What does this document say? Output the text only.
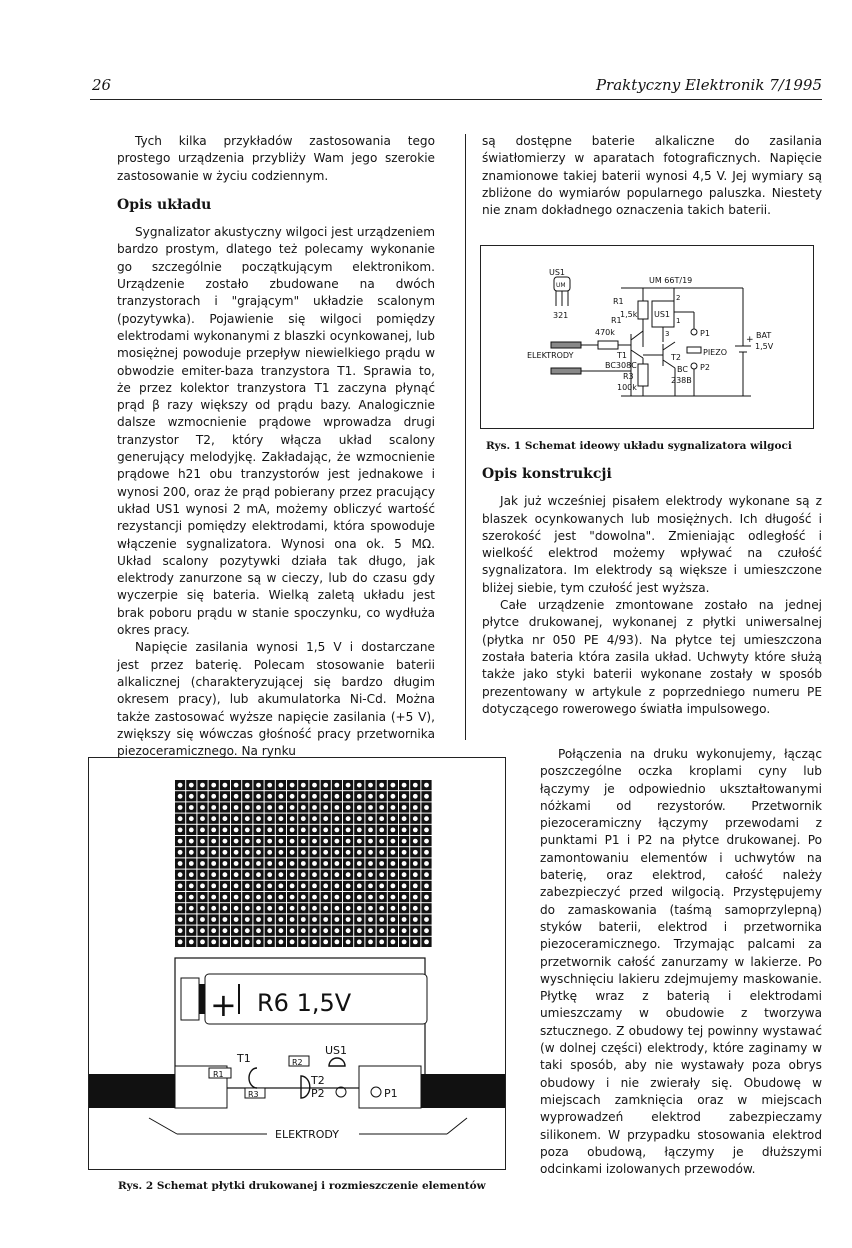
26	Praktyczny Elektronik 7/1995

Tych kilka przykładów zastosowania tego prostego urządzenia przybliży Wam jego szerokie zastosowanie w życiu codziennym.

Opis układu

Sygnalizator akustyczny wilgoci jest urządzeniem bardzo prostym, dlatego też polecamy wykonanie go szczególnie początkującym elektronikom. Urządzenie zostało zbudowane na dwóch tranzystorach i "grającym" układzie scalonym (pozytywka). Pojawienie się wilgoci pomiędzy elektrodami wykonanymi z blaszki ocynkowanej, lub mosiężnej powoduje przepływ niewielkiego prądu w obwodzie emiter-baza tranzystora T1. Sprawia to, że przez kolektor tranzystora T1 zaczyna płynąć prąd β razy większy od prądu bazy. Analogicznie dalsze wzmocnienie prądowe wprowadza drugi tranzystor T2, który włącza układ scalony generujący melodyjkę. Zakładając, że wzmocnienie prądowe h21 obu tranzystorów jest jednakowe i wynosi 200, oraz że prąd pobierany przez pracujący układ US1 wynosi 2 mA, możemy obliczyć wartość rezystancji pomiędzy elektrodami, która spowoduje włączenie sygnalizatora. Wynosi ona ok. 5 MΩ. Układ scalony pozytywki działa tak długo, jak elektrody zanurzone są w cieczy, lub do czasu gdy wyczerpie się bateria. Wielką zaletą układu jest brak poboru prądu w stanie spoczynku, co wydłuża okres pracy.

Napięcie zasilania wynosi 1,5 V i dostarczane jest przez baterię. Polecam stosowanie baterii alkalicznej (charakteryzującej się bardzo długim okresem pracy), lub akumulatorka Ni-Cd. Można także zastosować wyższe napięcie zasilania (+5 V), zwiększy się wówczas głośność pracy przetwornika piezoceramicznego. Na rynku

są dostępne baterie alkaliczne do zasilania światłomierzy w aparatach fotograficznych. Napięcie znamionowe takiej baterii wynosi 4,5 V. Jej wymiary są zbliżone do wymiarów popularnego paluszka. Niestety nie znam dokładnego oznaczenia takich baterii.

US1
UM
321
UM 66T/19
R1
R1
1,5k
470k
US1
2
1
3
ELEKTRODY	T1
BC308C
R3
100k
T2
BC
238B
P1
P2
PIEZO
+ BAT
1,5V
Rys. 1 Schemat ideowy układu sygnalizatora wilgoci
Opis konstrukcji

Jak już wcześniej pisałem elektrody wykonane są z blaszek ocynkowanych lub mosiężnych. Ich długość i szerokość jest "dowolna". Zmieniając odległość i wielkość elektrod możemy wpływać na czułość sygnalizatora. Im elektrody są większe i umieszczone bliżej siebie, tym czułość jest wyższa.

Całe urządzenie zmontowane zostało na jednej płytce drukowanej, wykonanej z płytki uniwersalnej (płytka nr 050 PE 4/93). Na płytce tej umieszczona została bateria która zasila układ. Uchwyty które służą także jako styki baterii wykonane zostały w sposób prezentowany w artykule z poprzedniego numeru PE dotyczącego rowerowego światła impulsowego.

+ R6 1,5V
T1
R1
R2
R3
US1
T2
P2	P1
ELEKTRODY
Rys. 2 Schemat płytki drukowanej i rozmieszczenie elementów

Połączenia na druku wykonujemy, łącząc poszczególne oczka kroplami cyny lub łączymy je odpowiednio ukształtowanymi nóżkami od rezystorów. Przetwornik piezoceramiczny łączymy przewodami z punktami P1 i P2 na płytce drukowanej. Po zamontowaniu elementów i uchwytów na baterię, oraz elektrod, całość należy zabezpieczyć przed wilgocią. Przystępujemy do zamaskowania (taśmą samoprzylepną) styków baterii, elektrod i przetwornika piezoceramicznego. Trzymając palcami za przetwornik całość zanurzamy w lakierze. Po wyschnięciu lakieru zdejmujemy maskowanie. Płytkę wraz z baterią i elektrodami umieszczamy w obudowie z tworzywa sztucznego. Z obudowy tej powinny wystawać (w dolnej części) elektrody, które zaginamy w taki sposób, aby nie wystawały poza obrys obudowy i nie zwierały się. Obudowę w miejscach zamknięcia oraz w miejscach wyprowadzeń elektrod zabezpieczamy silikonem. W przypadku stosowania elektrod poza obudową, łączymy je dłuższymi odcinkami izolowanych przewodów.
